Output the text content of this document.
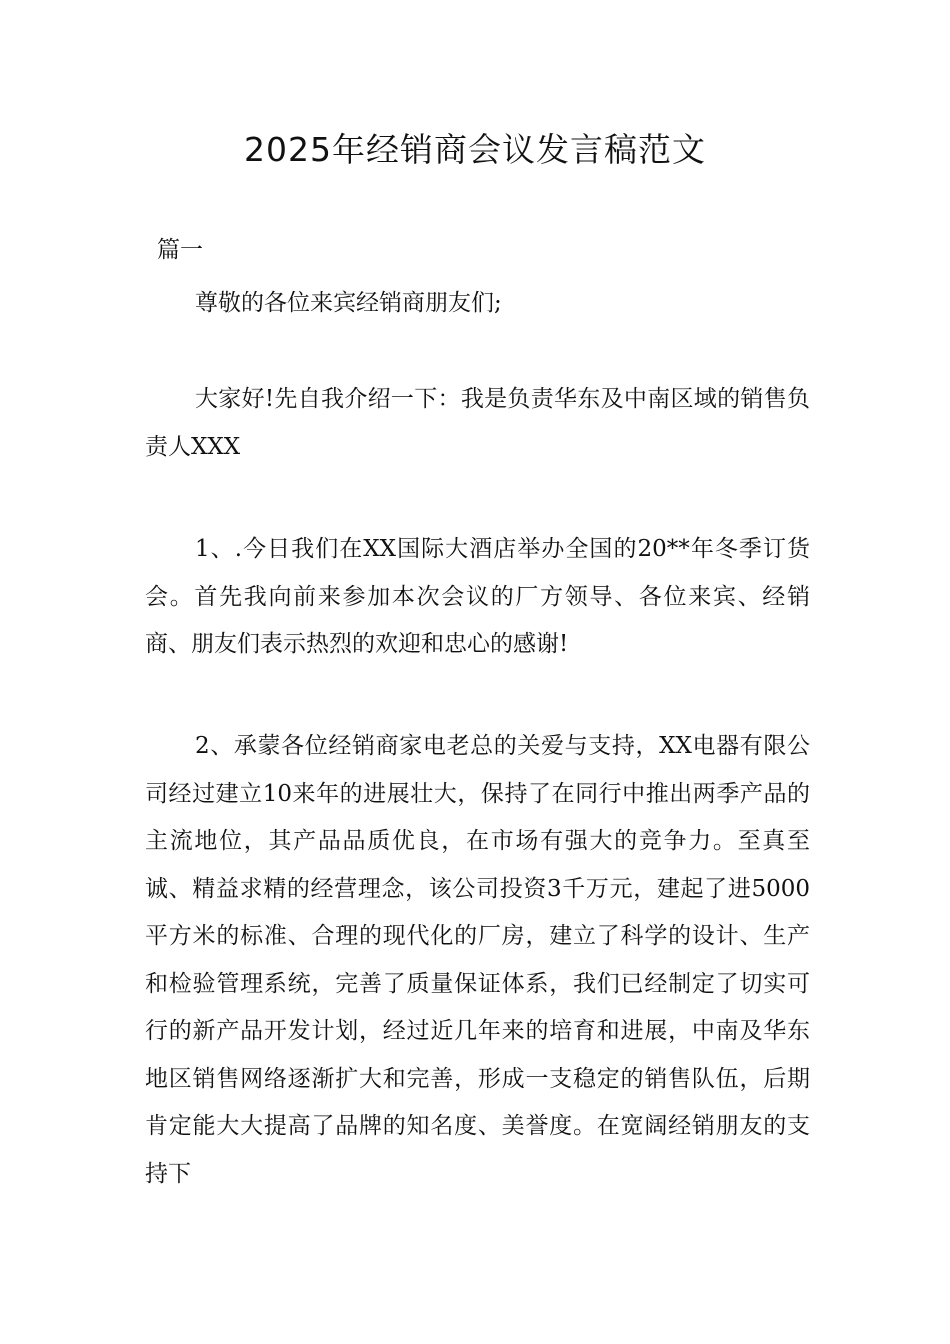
2025年经销商会议发言稿范文

篇一

尊敬的各位来宾经销商朋友们;

大家好!先自我介绍一下：我是负责华东及中南区域的销售负责人XXX

1、.今日我们在XX国际大酒店举办全国的20**年冬季订货会。首先我向前来参加本次会议的厂方领导、各位来宾、经销商、朋友们表示热烈的欢迎和忠心的感谢!

2、承蒙各位经销商家电老总的关爱与支持，XX电器有限公司经过建立10来年的进展壮大，保持了在同行中推出两季产品的主流地位，其产品品质优良，在市场有强大的竞争力。至真至诚、精益求精的经营理念，该公司投资3千万元，建起了进5000平方米的标准、合理的现代化的厂房，建立了科学的设计、生产和检验管理系统，完善了质量保证体系，我们已经制定了切实可行的新产品开发计划，经过近几年来的培育和进展，中南及华东地区销售网络逐渐扩大和完善，形成一支稳定的销售队伍，后期肯定能大大提高了品牌的知名度、美誉度。在宽阔经销朋友的支持下
